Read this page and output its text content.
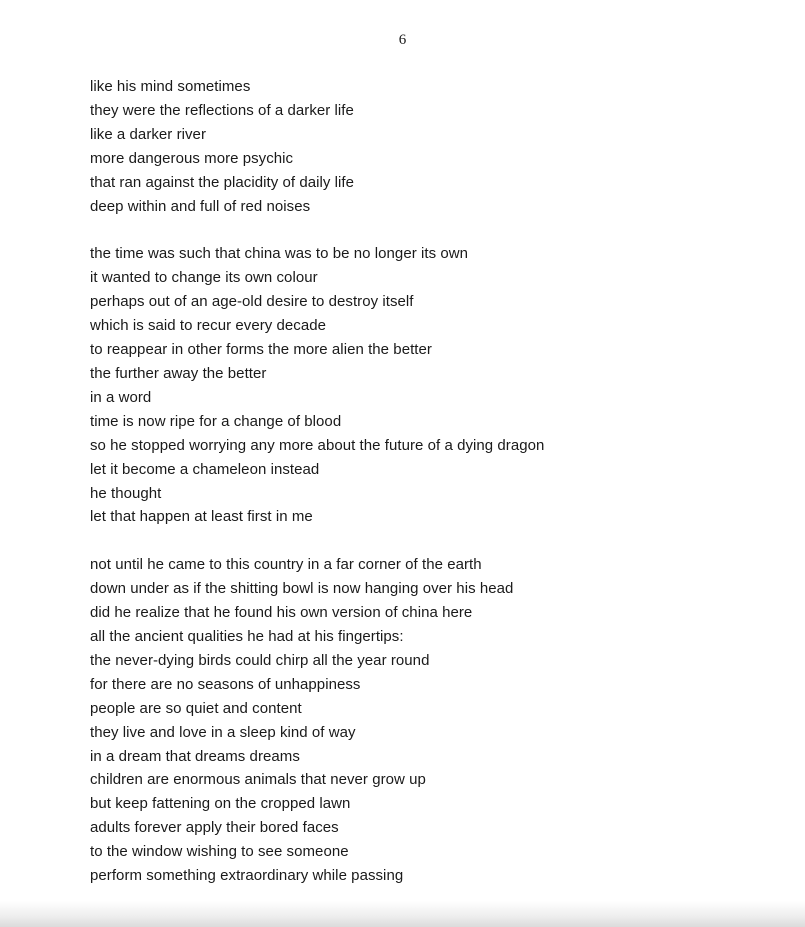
6
like his mind sometimes
they were the reflections of a darker life
like a darker river
more dangerous more psychic
that ran against the placidity of daily life
deep within and full of red noises
the time was such that china was to be no longer its own
it wanted to change its own colour
perhaps out of an age-old desire to destroy itself
which is said to recur every decade
to reappear in other forms the more alien the better
the further away the better
in a word
time is now ripe for a change of blood
so he stopped worrying any more about the future of a dying dragon
let it become a chameleon instead
he thought
let that happen at least first in me
not until he came to this country in a far corner of the earth
down under as if the shitting bowl is now hanging over his head
did he realize that he found his own version of china here
all the ancient qualities he had at his fingertips:
the never-dying birds could chirp all the year round
for there are no seasons of unhappiness
people are so quiet and content
they live and love in a sleep kind of way
in a dream that dreams dreams
children are enormous animals that never grow up
but keep fattening on the cropped lawn
adults forever apply their bored faces
to the window wishing to see someone
perform something extraordinary while passing
